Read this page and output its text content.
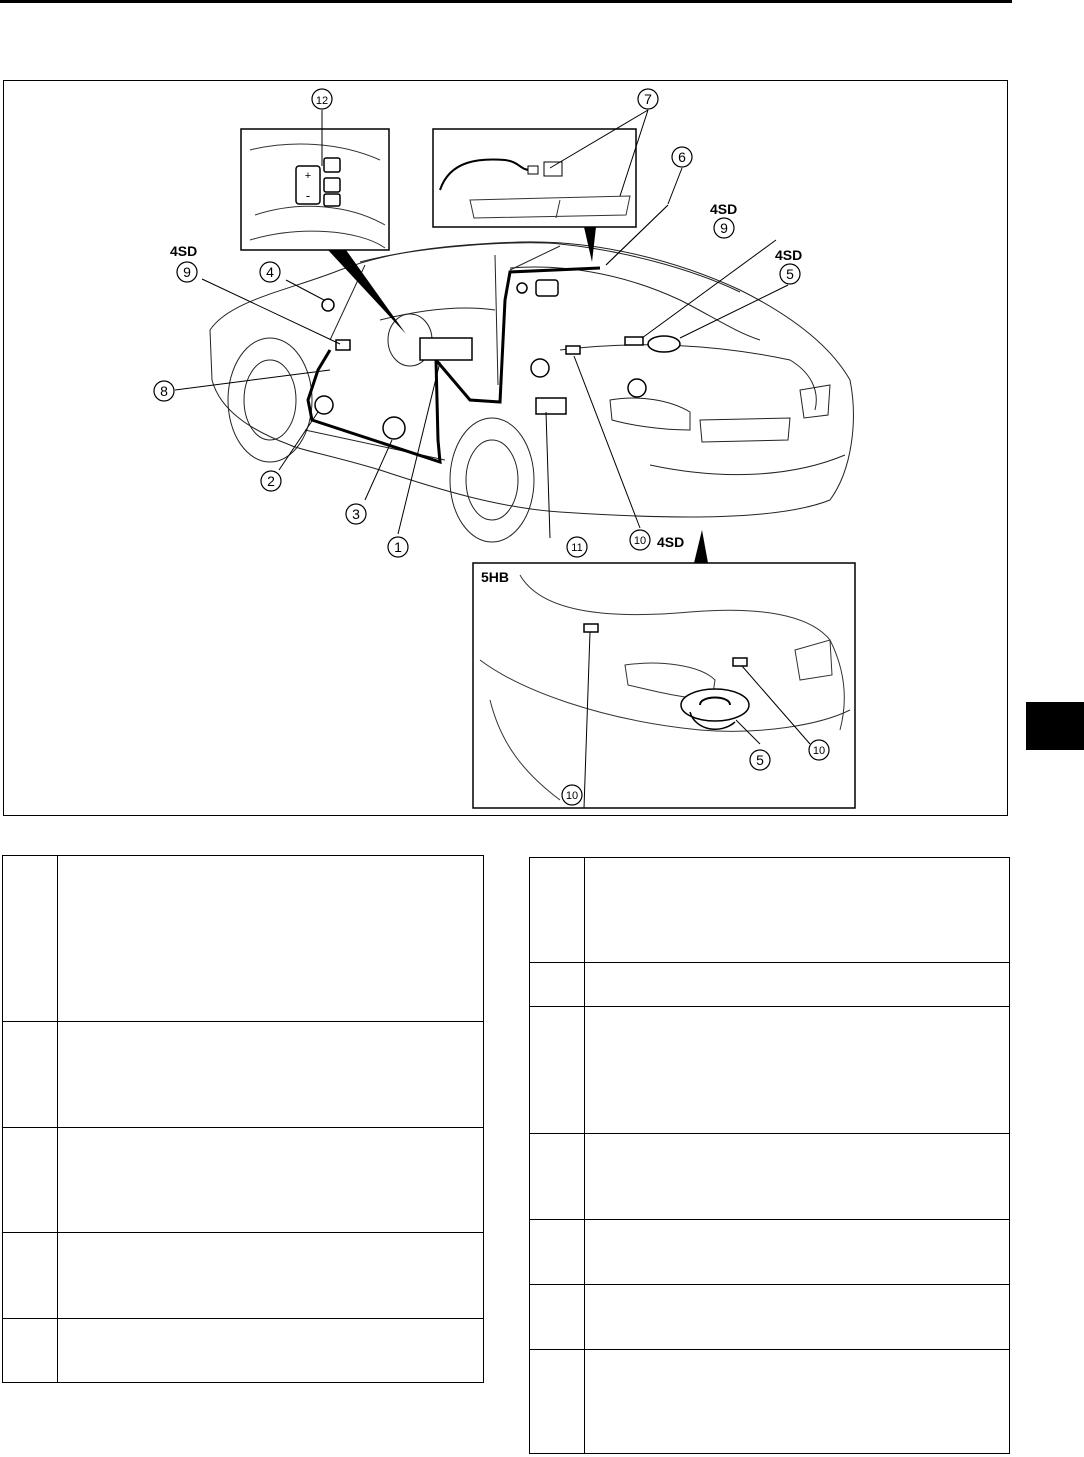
+
-
12	7
6
9
5
9	4
8
2
3
1	11
10
10
5
10
4SD
4SD
4SD
4SD
5HB
